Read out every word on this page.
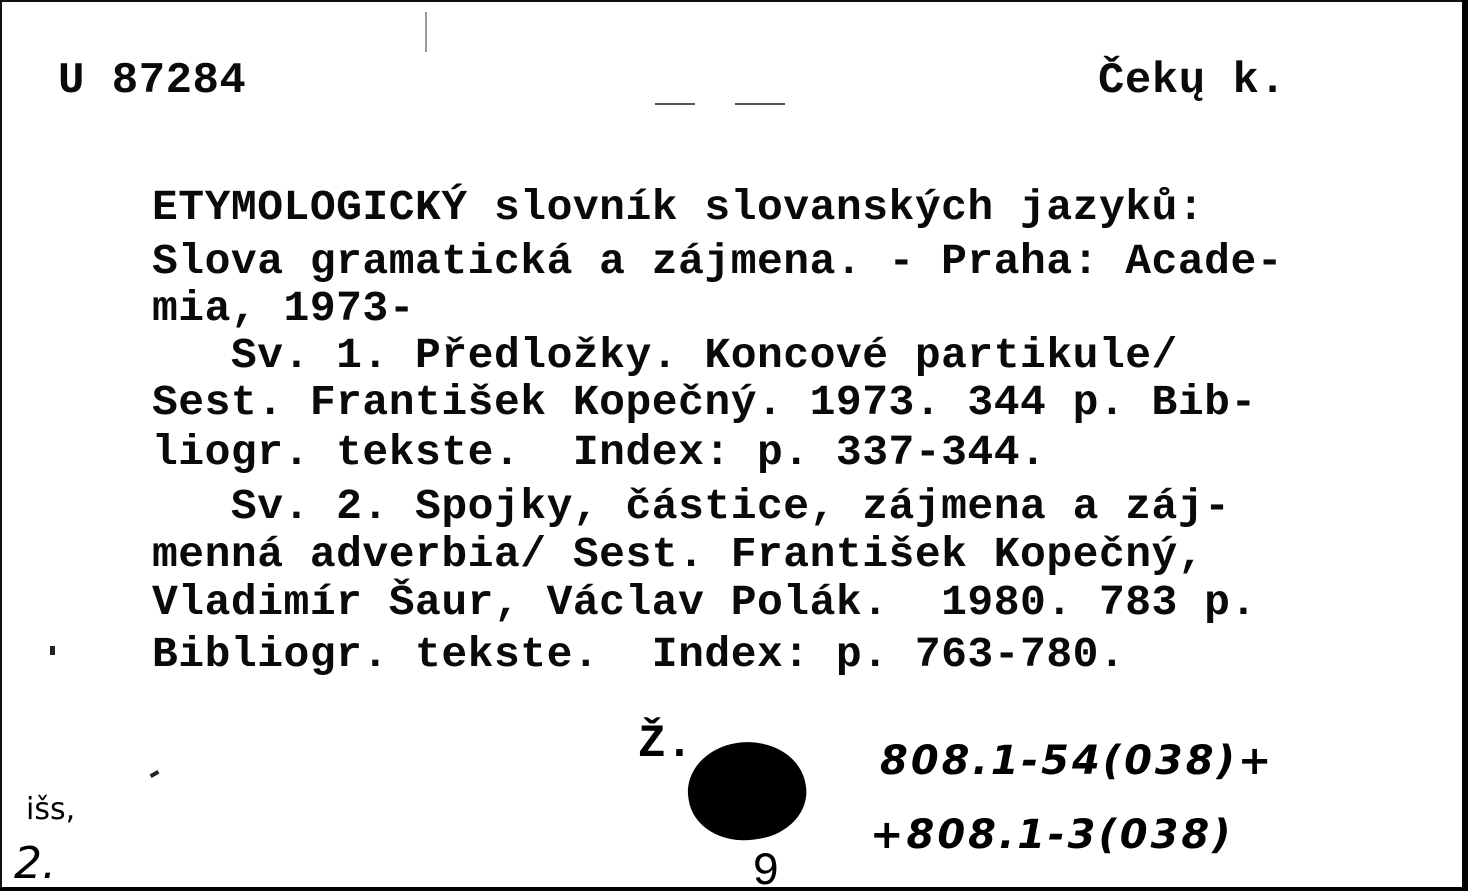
U 87284	Čekų k.
ETYMOLOGICKÝ slovník slovanských jazyků:
Slova gramatická a zájmena. - Praha: Acade-
mia, 1973-
Sv. 1. Předložky. Koncové partikule/
Sest. František Kopečný. 1973. 344 p. Bib-
liogr. tekste.  Index: p. 337-344.
Sv. 2. Spojky, částice, zájmena a záj-
menná adverbia/ Sest. František Kopečný,
Vladimír Šaur, Václav Polák.  1980. 783 p.
Bibliogr. tekste.  Index: p. 763-780.
Ž.	808.1-54(038)+
+808.1-3(038)
išs,
2.	9
